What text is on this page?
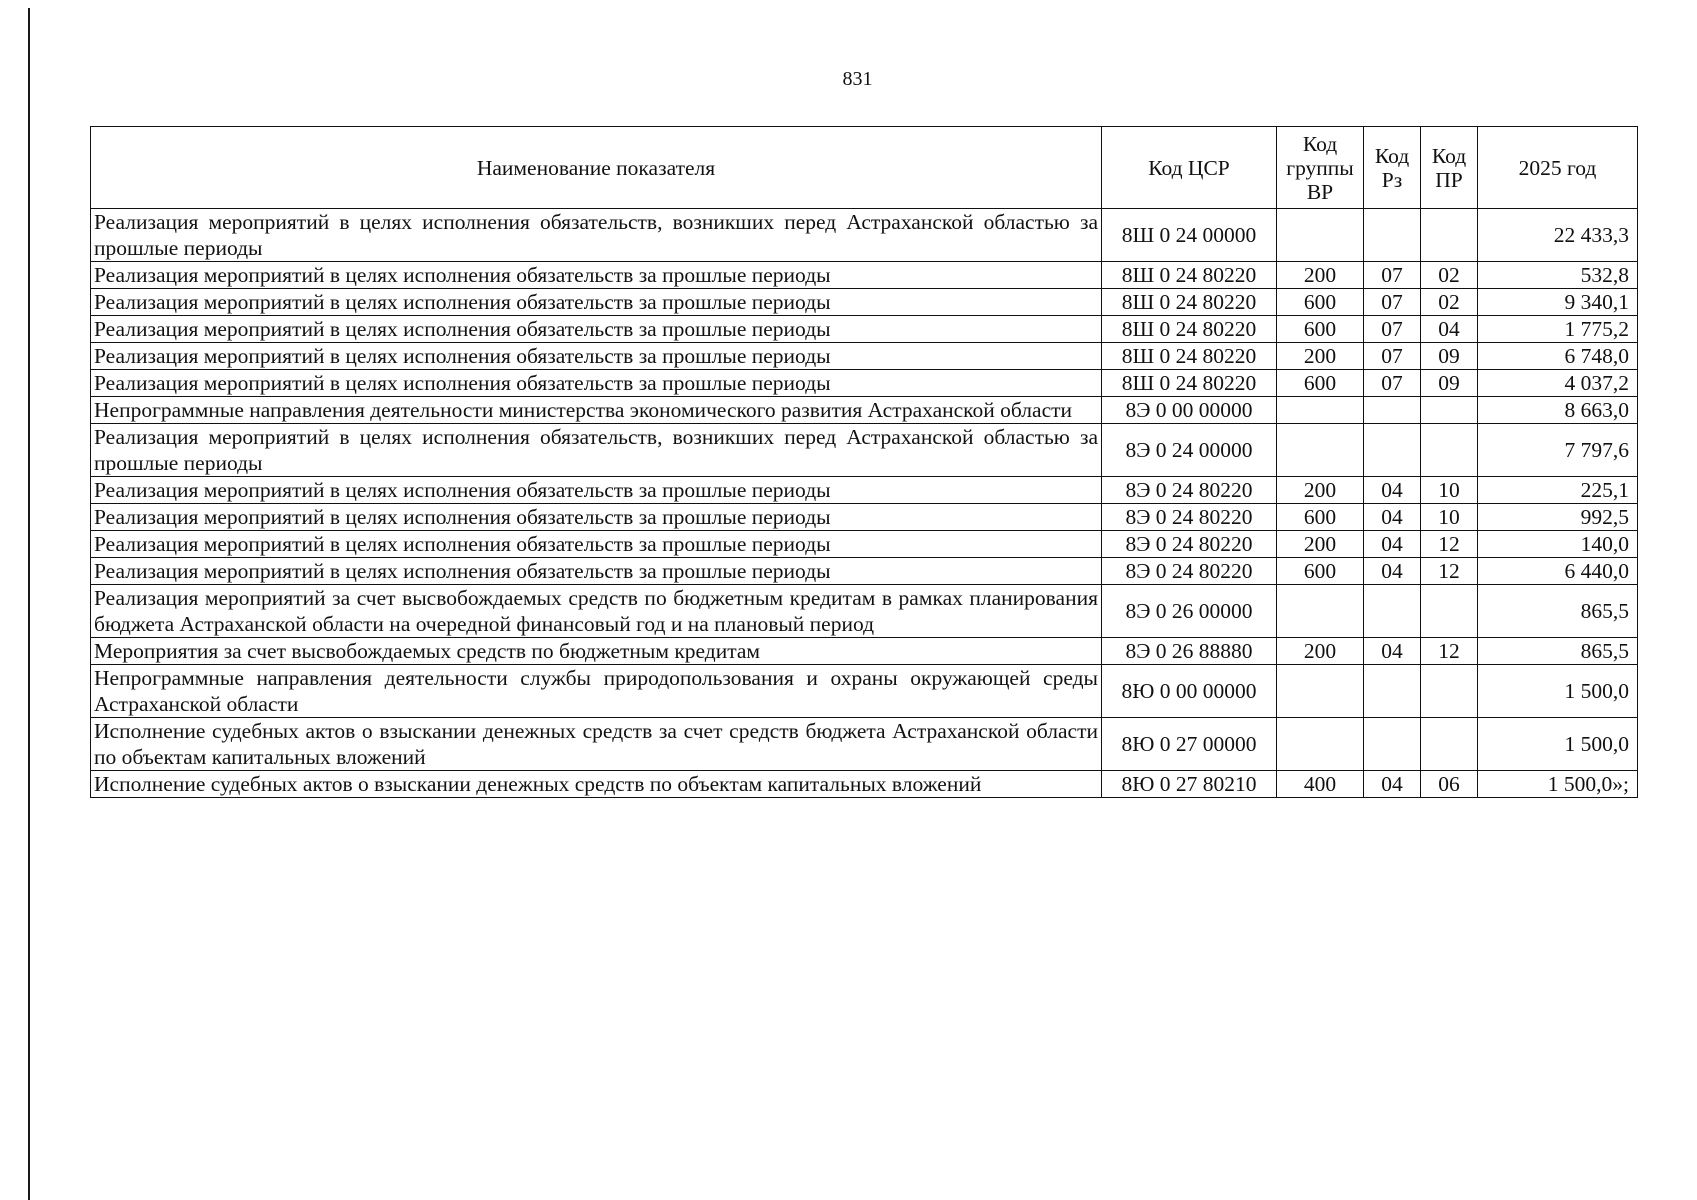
831
Наименование показателя	Код ЦСР	Код группы ВР	Код Рз	Код ПР	2025 год
Реализация мероприятий в целях исполнения обязательств, возникших перед Астраханской областью за прошлые периоды	8Ш 0 24 00000				22 433,3
Реализация мероприятий в целях исполнения обязательств за прошлые периоды	8Ш 0 24 80220	200	07	02	532,8
Реализация мероприятий в целях исполнения обязательств за прошлые периоды	8Ш 0 24 80220	600	07	02	9 340,1
Реализация мероприятий в целях исполнения обязательств за прошлые периоды	8Ш 0 24 80220	600	07	04	1 775,2
Реализация мероприятий в целях исполнения обязательств за прошлые периоды	8Ш 0 24 80220	200	07	09	6 748,0
Реализация мероприятий в целях исполнения обязательств за прошлые периоды	8Ш 0 24 80220	600	07	09	4 037,2
Непрограммные направления деятельности министерства экономического развития Астраханской области	8Э 0 00 00000				8 663,0
Реализация мероприятий в целях исполнения обязательств, возникших перед Астраханской областью за прошлые периоды	8Э 0 24 00000				7 797,6
Реализация мероприятий в целях исполнения обязательств за прошлые периоды	8Э 0 24 80220	200	04	10	225,1
Реализация мероприятий в целях исполнения обязательств за прошлые периоды	8Э 0 24 80220	600	04	10	992,5
Реализация мероприятий в целях исполнения обязательств за прошлые периоды	8Э 0 24 80220	200	04	12	140,0
Реализация мероприятий в целях исполнения обязательств за прошлые периоды	8Э 0 24 80220	600	04	12	6 440,0
Реализация мероприятий за счет высвобождаемых средств по бюджетным кредитам в рамках планирования бюджета Астраханской области на очередной финансовый год и на плановый период	8Э 0 26 00000				865,5
Мероприятия за счет высвобождаемых средств по бюджетным кредитам	8Э 0 26 88880	200	04	12	865,5
Непрограммные направления деятельности службы природопользования и охраны окружающей среды Астраханской области	8Ю 0 00 00000				1 500,0
Исполнение судебных актов о взыскании денежных средств за счет средств бюджета Астраханской области по объектам капитальных вложений	8Ю 0 27 00000				1 500,0
Исполнение судебных актов о взыскании денежных средств по объектам капитальных вложений	8Ю 0 27 80210	400	04	06	1 500,0»;
